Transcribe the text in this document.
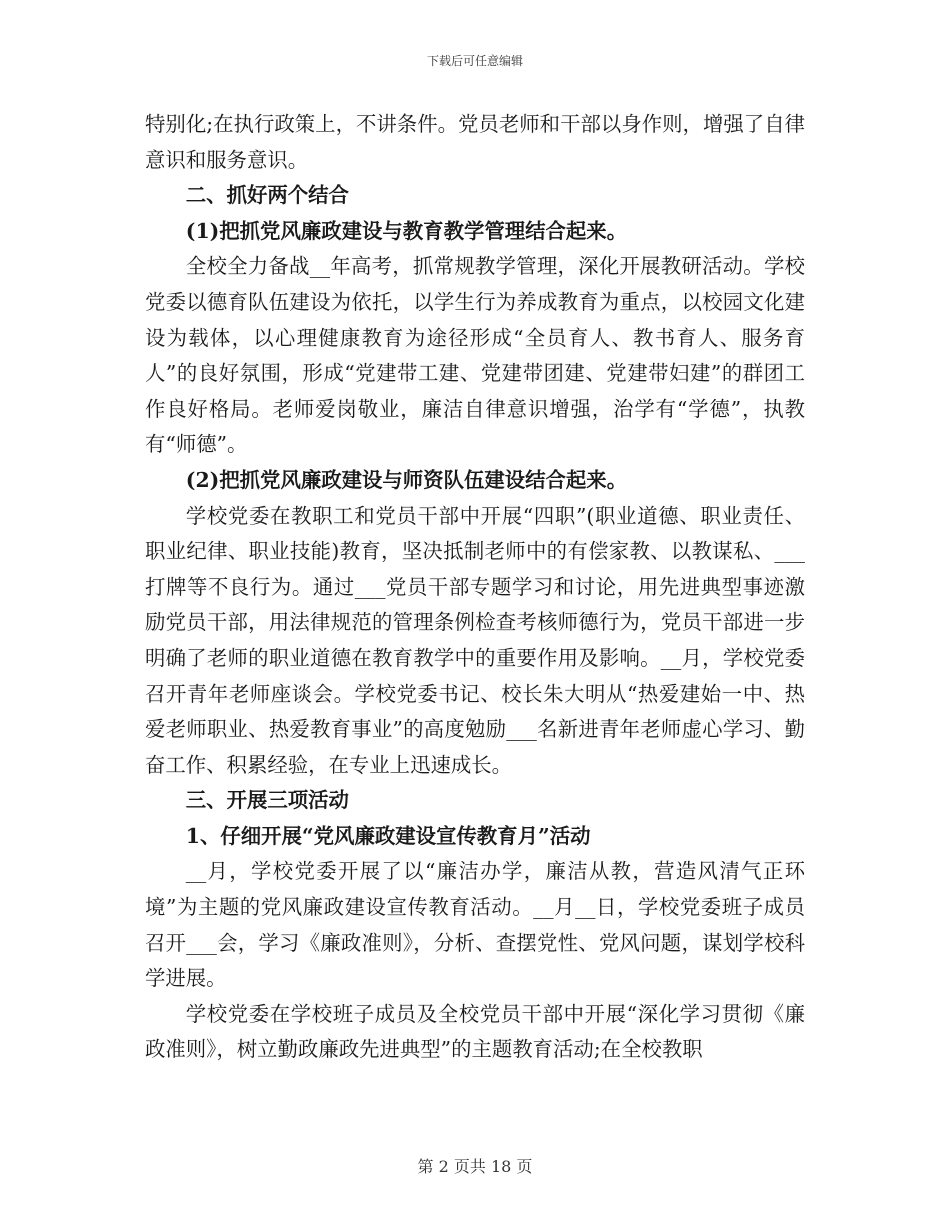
下载后可任意编辑

特别化;在执行政策上，不讲条件。党员老师和干部以身作则，增强了自律意识和服务意识。

二、抓好两个结合

(1)把抓党风廉政建设与教育教学管理结合起来。

全校全力备战__年高考，抓常规教学管理，深化开展教研活动。学校党委以德育队伍建设为依托，以学生行为养成教育为重点，以校园文化建设为载体，以心理健康教育为途径形成“全员育人、教书育人、服务育人”的良好氛围，形成“党建带工建、党建带团建、党建带妇建”的群团工作良好格局。老师爱岗敬业，廉洁自律意识增强，治学有“学德”，执教有“师德”。

(2)把抓党风廉政建设与师资队伍建设结合起来。

学校党委在教职工和党员干部中开展“四职”(职业道德、职业责任、职业纪律、职业技能)教育，坚决抵制老师中的有偿家教、以教谋私、___打牌等不良行为。通过___党员干部专题学习和讨论，用先进典型事迹激励党员干部，用法律规范的管理条例检查考核师德行为，党员干部进一步明确了老师的职业道德在教育教学中的重要作用及影响。__月，学校党委召开青年老师座谈会。学校党委书记、校长朱大明从“热爱建始一中、热爱老师职业、热爱教育事业”的高度勉励___名新进青年老师虚心学习、勤奋工作、积累经验，在专业上迅速成长。

三、开展三项活动

1、仔细开展“党风廉政建设宣传教育月”活动

__月，学校党委开展了以“廉洁办学，廉洁从教，营造风清气正环境”为主题的党风廉政建设宣传教育活动。__月__日，学校党委班子成员召开___会，学习《廉政准则》，分析、查摆党性、党风问题，谋划学校科学进展。

学校党委在学校班子成员及全校党员干部中开展“深化学习贯彻《廉政准则》，树立勤政廉政先进典型”的主题教育活动;在全校教职

第 2 页共 18 页
